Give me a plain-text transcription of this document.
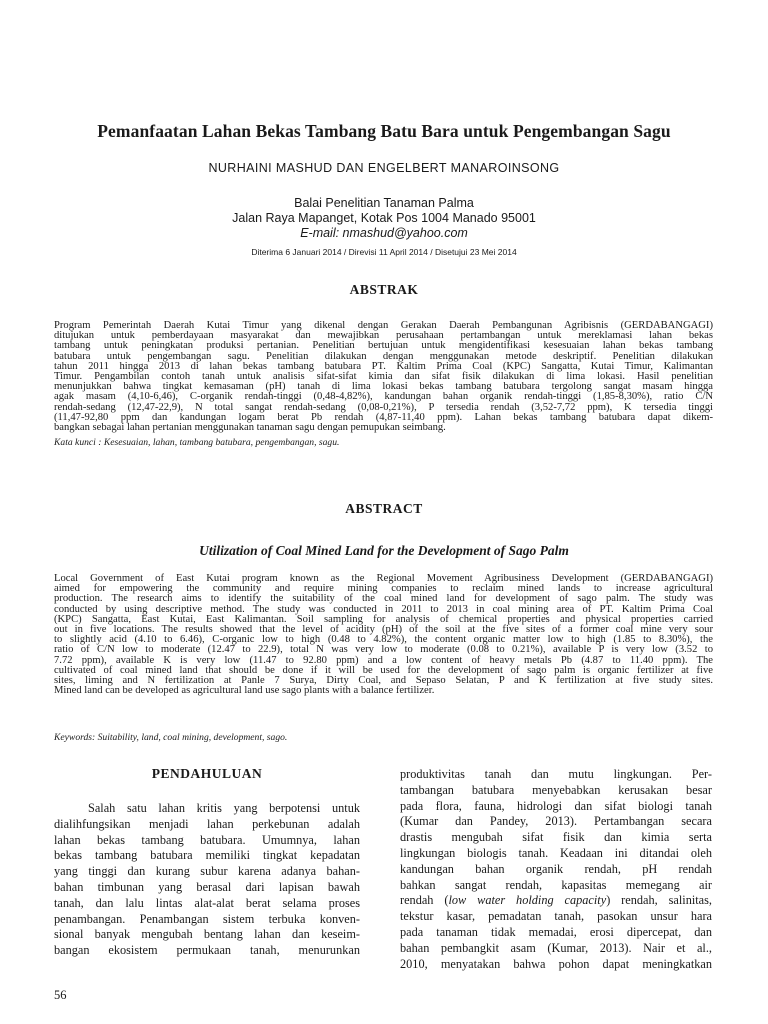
Pemanfaatan Lahan Bekas Tambang Batu Bara untuk Pengembangan Sagu
NURHAINI MASHUD DAN ENGELBERT MANAROINSONG
Balai Penelitian Tanaman Palma
Jalan Raya Mapanget, Kotak Pos 1004 Manado 95001
E-mail: nmashud@yahoo.com
Diterima 6 Januari 2014 / Direvisi 11 April 2014 / Disetujui 23 Mei 2014
ABSTRAK
Program Pemerintah Daerah Kutai Timur yang dikenal dengan Gerakan Daerah Pembangunan Agribisnis (GERDABANGAGI)
ditujukan untuk pemberdayaan masyarakat dan mewajibkan perusahaan pertambangan untuk mereklamasi lahan bekas
tambang untuk peningkatan produksi pertanian. Penelitian bertujuan untuk mengidentifikasi kesesuaian lahan bekas tambang
batubara untuk pengembangan sagu. Penelitian dilakukan dengan menggunakan metode deskriptif. Penelitian dilakukan
tahun 2011 hingga 2013 di lahan bekas tambang batubara PT. Kaltim Prima Coal (KPC) Sangatta, Kutai Timur, Kalimantan
Timur. Pengambilan contoh tanah untuk analisis sifat-sifat kimia dan sifat fisik dilakukan di lima lokasi. Hasil penelitian
menunjukkan bahwa tingkat kemasaman (pH) tanah di lima lokasi bekas tambang batubara tergolong sangat masam hingga
agak masam (4,10-6,46), C-organik rendah-tinggi (0,48-4,82%), kandungan bahan organik rendah-tinggi (1,85-8,30%), ratio C/N
rendah-sedang (12,47-22,9), N total sangat rendah-sedang (0,08-0,21%), P tersedia rendah (3,52-7,72 ppm), K tersedia tinggi
(11,47-92,80 ppm dan kandungan logam berat Pb rendah (4,87-11,40 ppm). Lahan bekas tambang batubara dapat dikem-
bangkan sebagai lahan pertanian menggunakan tanaman sagu dengan pemupukan seimbang.
Kata kunci : Kesesuaian, lahan, tambang batubara, pengembangan, sagu.
ABSTRACT
Utilization of Coal Mined Land for the Development of Sago Palm
Local Government of East Kutai program known as the Regional Movement Agribusiness Development (GERDABANGAGI)
aimed for empowering the community and require mining companies to reclaim mined lands to increase agricultural
production. The research aims to identify the suitability of the coal mined land for development of sago palm. The study was
conducted by using descriptive method. The study was conducted in 2011 to 2013 in coal mining area of PT. Kaltim Prima Coal
(KPC) Sangatta, East Kutai, East Kalimantan. Soil sampling for analysis of chemical properties and physical properties carried
out in five locations. The results showed that the level of acidity (pH) of the soil at the five sites of a former coal mine very sour
to slightly acid (4.10 to 6.46), C-organic low to high (0.48 to 4.82%), the content organic matter low to high (1.85 to 8.30%), the
ratio of C/N low to moderate (12.47 to 22.9), total N was very low to moderate (0.08 to 0.21%), available P is very low (3.52 to
7.72 ppm), available K is very low (11.47 to 92.80 ppm) and a low content of heavy metals Pb (4.87 to 11.40 ppm). The
cultivated of coal mined land that should be done if it will be used for the development of sago palm is organic fertilizer at five
sites, liming and N fertilization at Panle 7 Surya, Dirty Coal, and Sepaso Selatan, P and K fertilization at five study sites.
Mined land can be developed as agricultural land use sago plants with a balance fertilizer.
Keywords: Suitability, land, coal mining, development, sago.
PENDAHULUAN
Salah satu lahan kritis yang berpotensi untuk
dialihfungsikan menjadi lahan perkebunan adalah
lahan bekas tambang batubara. Umumnya, lahan
bekas tambang batubara memiliki tingkat kepadatan
yang tinggi dan kurang subur karena adanya bahan-
bahan timbunan yang berasal dari lapisan bawah
tanah, dan lalu lintas alat-alat berat selama proses
penambangan. Penambangan sistem terbuka konven-
sional banyak mengubah bentang lahan dan keseim-
bangan ekosistem permukaan tanah, menurunkan
produktivitas tanah dan mutu lingkungan. Per-
tambangan batubara menyebabkan kerusakan besar
pada flora, fauna, hidrologi dan sifat biologi tanah
(Kumar dan Pandey, 2013). Pertambangan secara
drastis mengubah sifat fisik dan kimia serta
lingkungan biologis tanah. Keadaan ini ditandai oleh
kandungan bahan organik rendah, pH rendah
bahkan sangat rendah, kapasitas memegang air
rendah (low water holding capacity) rendah, salinitas,
tekstur kasar, pemadatan tanah, pasokan unsur hara
pada tanaman tidak memadai, erosi dipercepat, dan
bahan pembangkit asam (Kumar, 2013). Nair et al.,
2010, menyatakan bahwa pohon dapat meningkatkan
56
